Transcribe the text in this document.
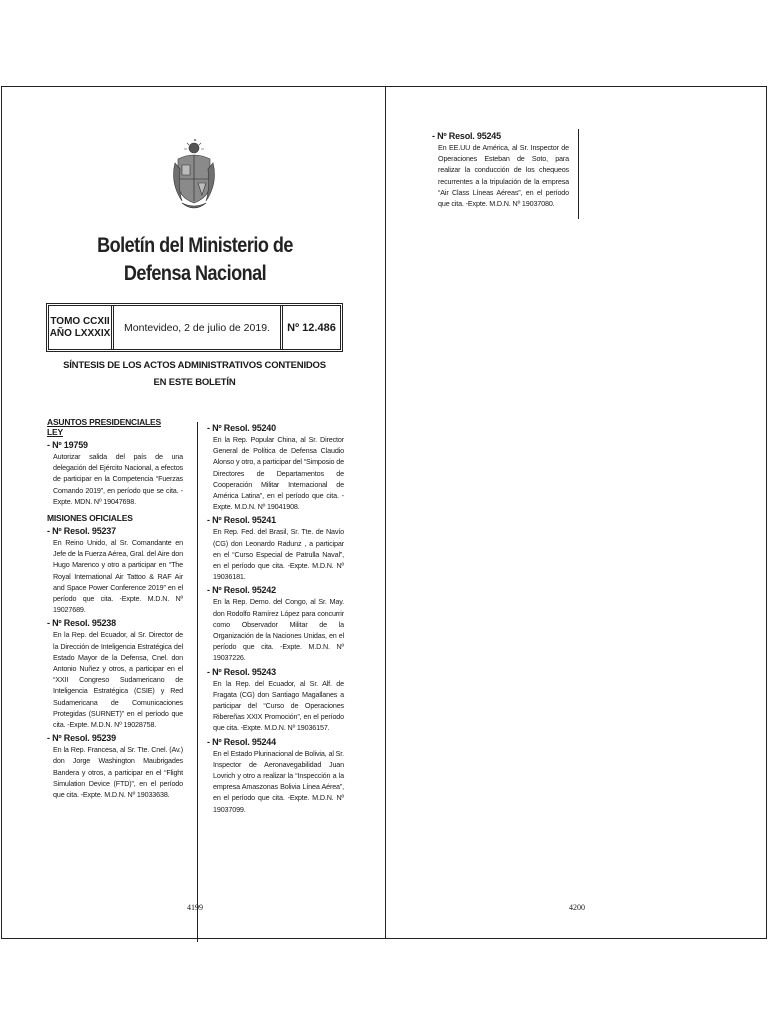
Boletín del Ministerio de
Defensa Nacional
TOMO CCXII
AÑO LXXXIX	Montevideo, 2 de julio de 2019.	Nº 12.486
SÍNTESIS DE LOS ACTOS ADMINISTRATIVOS CONTENIDOS
EN ESTE BOLETÍN
ASUNTOS PRESIDENCIALES
LEY
- Nº 19759
Autorizar salida del país de una delegación del Ejército Nacional, a efectos de participar en la Competencia “Fuerzas Comando 2019”, en período que se cita. -Expte. MDN. Nº 19047698.
MISIONES OFICIALES
- Nº Resol. 95237
En Reino Unido, al Sr. Comandante en Jefe de la Fuerza Aérea, Gral. del Aire don Hugo Marenco y otro a participar en “The Royal International Air Tattoo & RAF Air and Space Power Conference 2019” en el período que cita. -Expte. M.D.N. Nº 19027689.
- Nº Resol. 95238
En la Rep. del Ecuador, al Sr. Director de la Dirección de Inteligencia Estratégica del Estado Mayor de la Defensa, Cnel. don Antonio Nuñez y otros, a participar en el “XXII Congreso Sudamericano de Inteligencia Estratégica (CSIE) y Red Sudamericana de Comunicaciones Protegidas (SURNET)” en el período que cita. -Expte. M.D.N. Nº 19028758.
- Nº Resol. 95239
En la Rep. Francesa, al Sr. Tte. Cnel. (Av.) don Jorge Washington Maubrigades Bandera y otros, a participar en el “Flight Simulation Device (FTD)”, en el período que cita. -Expte. M.D.N. Nº 19033638.
- Nº Resol. 95240
En la Rep. Popular China, al Sr. Director General de Política de Defensa Claudio Alonso y otro, a participar del “Simposio de Directores de Departamentos de Cooperación Militar Internacional de América Latina”, en el período que cita. -Expte. M.D.N. Nº 19041908.
- Nº Resol. 95241
En Rep. Fed. del Brasil, Sr. Tte. de Navío (CG) don Leonardo Radunz , a participar en el “Curso Especial de Patrulla Naval”, en el período que cita. -Expte. M.D.N. Nº 19036181.
- Nº Resol. 95242
En la Rep. Demo. del Congo, al Sr. May. don Rodolfo Ramírez López para concurrir como Observador Militar de la Organización de la Naciones Unidas, en el período que cita. -Expte. M.D.N. Nº 19037226.
- Nº Resol. 95243
En la Rep. del Ecuador, al Sr. Alf. de Fragata (CG) don Santiago Magallanes a participar del “Curso de Operaciones Ribereñas XXIX Promoción”, en el período que cita. -Expte. M.D.N. Nº 19036157.
- Nº Resol. 95244
En el Estado Plurinacional de Bolivia, al Sr. Inspector de Aeronavegabilidad Juan Lovrich y otro a realizar la “Inspección a la empresa Amaszonas Bolivia Línea Aérea”, en el período que cita. -Expte. M.D.N. Nº 19037099.
4199
- Nº Resol. 95245
En EE.UU de América, al Sr. Inspector de Operaciones Esteban de Soto, para realizar la conducción de los chequeos recurrentes a la tripulación de la empresa “Air Class Líneas Aéreas”, en el período que cita. -Expte. M.D.N. Nº 19037080.
4200
